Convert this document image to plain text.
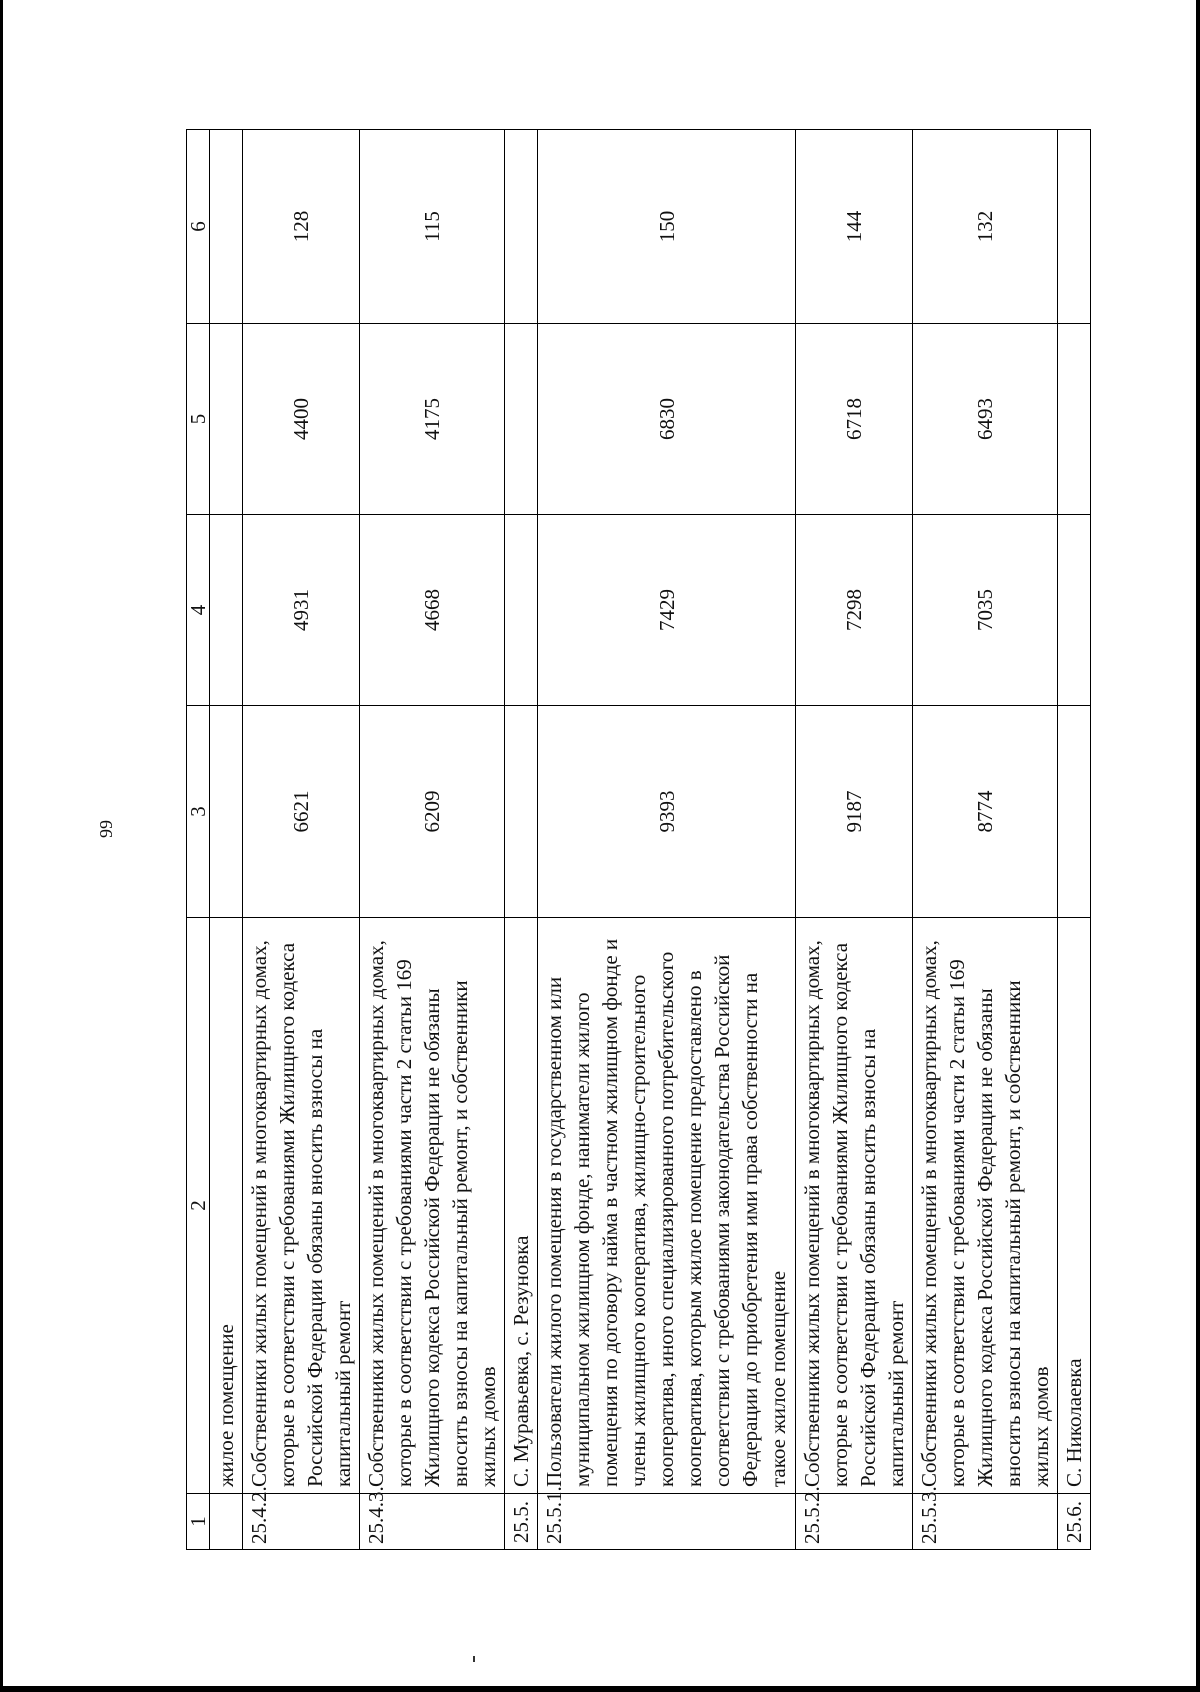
99
1	2	3	4	5	6
	жилое помещение				
25.4.2.	Собственники жилых помещений в многоквартирных домах, которые в соответствии с требованиями Жилищного кодекса Российской Федерации обязаны вносить взносы на капитальный ремонт	6621	4931	4400	128
25.4.3.	Собственники жилых помещений в многоквартирных домах, которые в соответствии с требованиями части 2 статьи 169 Жилищного кодекса Российской Федерации не обязаны вносить взносы на капитальный ремонт, и собственники жилых домов	6209	4668	4175	115
25.5.	С. Муравьевка, с. Резуновка				
25.5.1.	Пользователи жилого помещения в государственном или муниципальном жилищном фонде, наниматели жилого помещения по договору найма в частном жилищном фонде и члены жилищного кооператива, жилищно-строительного кооператива, иного специализированного потребительского кооператива, которым жилое помещение предоставлено в соответствии с требованиями законодательства Российской Федерации до приобретения ими права собственности на такое жилое помещение	9393	7429	6830	150
25.5.2.	Собственники жилых помещений в многоквартирных домах, которые в соответствии с требованиями Жилищного кодекса Российской Федерации обязаны вносить взносы на капитальный ремонт	9187	7298	6718	144
25.5.3.	Собственники жилых помещений в многоквартирных домах, которые в соответствии с требованиями части 2 статьи 169 Жилищного кодекса Российской Федерации не обязаны вносить взносы на капитальный ремонт, и собственники жилых домов	8774	7035	6493	132
25.6.	С. Николаевка				
